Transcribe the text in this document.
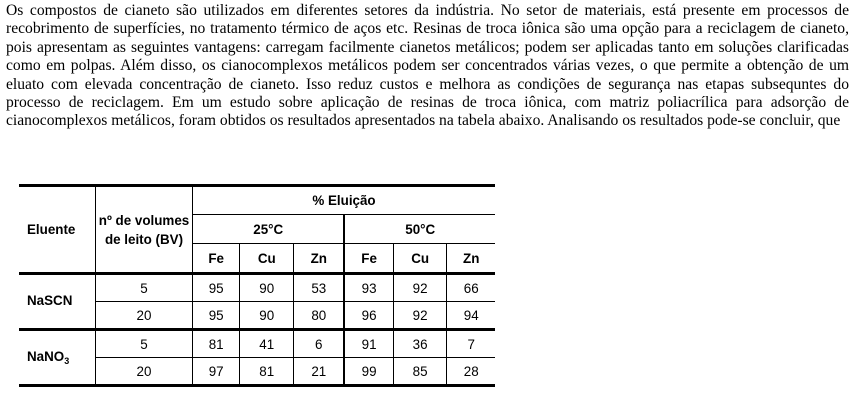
Os compostos de cianeto são utilizados em diferentes setores da indústria. No setor de materiais, está presente em processos de recobrimento de superfícies, no tratamento térmico de aços etc. Resinas de troca iônica são uma opção para a reciclagem de cianeto, pois apresentam as seguintes vantagens: carregam facilmente cianetos metálicos; podem ser aplicadas tanto em soluções clarificadas como em polpas. Além disso, os cianocomplexos metálicos podem ser concentrados várias vezes, o que permite a obtenção de um eluato com elevada concentração de cianeto. Isso reduz custos e melhora as condições de segurança nas etapas subsequntes do processo de reciclagem. Em um estudo sobre aplicação de resinas de troca iônica, com matriz poliacrílica para adsorção de cianocomplexos metálicos, foram obtidos os resultados apresentados na tabela abaixo. Analisando os resultados pode-se concluir, que

Eluente	nº de volumes de leito (BV)	% Eluição					
		25°C			50°C		
		Fe	Cu	Zn	Fe	Cu	Zn
NaSCN	5	95	90	53	93	92	66
	20	95	90	80	96	92	94
NaNO$_3$	5	81	41	6	91	36	7
	20	97	81	21	99	85	28
